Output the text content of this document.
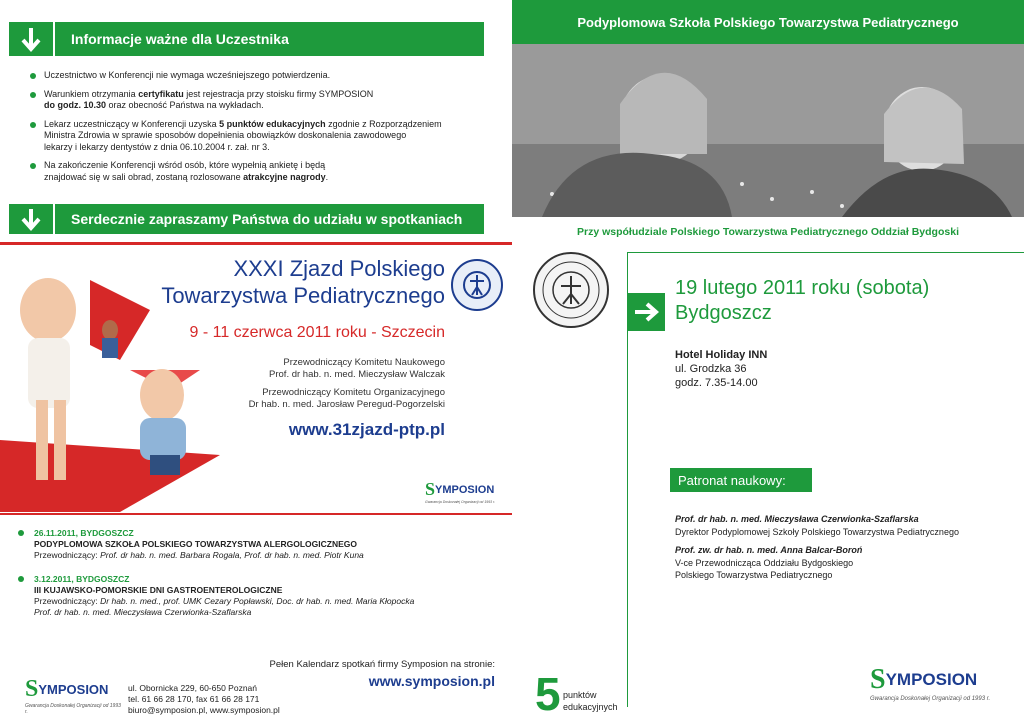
Informacje ważne dla Uczestnika
Uczestnictwo w Konferencji nie wymaga wcześniejszego potwierdzenia.
Warunkiem otrzymania certyfikatu jest rejestracja przy stoisku firmy SYMPOSION
do godz. 10.30 oraz obecność Państwa na wykładach.
Lekarz uczestniczący w Konferencji uzyska 5 punktów edukacyjnych zgodnie z Rozporządzeniem
Ministra Zdrowia w sprawie sposobów dopełnienia obowiązków doskonalenia zawodowego
lekarzy i lekarzy dentystów z dnia 06.10.2004 r. zał. nr 3.
Na zakończenie Konferencji wśród osób, które wypełnią ankietę i będą
znajdować się w sali obrad, zostaną rozlosowane atrakcyjne nagrody.
Serdecznie zapraszamy Państwa do udziału w spotkaniach
XXXI Zjazd Polskiego
Towarzystwa Pediatrycznego
9 - 11 czerwca 2011 roku - Szczecin
Przewodniczący Komitetu Naukowego
Prof. dr hab. n. med. Mieczysław Walczak
Przewodniczący Komitetu Organizacyjnego
Dr hab. n. med. Jarosław Peregud-Pogorzelski
www.31zjazd-ptp.pl
S YMPOSION
Gwarancja Doskonałej Organizacji od 1993 r.
26.11.2011, BYDGOSZCZ
PODYPLOMOWA SZKOŁA POLSKIEGO TOWARZYSTWA ALERGOLOGICZNEGO
Przewodniczący: Prof. dr hab. n. med. Barbara Rogala, Prof. dr hab. n. med. Piotr Kuna
3.12.2011, BYDGOSZCZ
III KUJAWSKO-POMORSKIE DNI GASTROENTEROLOGICZNE
Przewodniczący: Dr hab. n. med., prof. UMK Cezary Popławski, Doc. dr hab. n. med. Maria Kłopocka
Prof. dr hab. n. med. Mieczysława Czerwionka-Szaflarska
Pełen Kalendarz spotkań firmy Symposion na stronie:
www.symposion.pl
S YMPOSION
Gwarancja Doskonałej Organizacji od 1993 r.
ul. Obornicka 229, 60-650 Poznań
tel. 61 66 28 170, fax 61 66 28 171
biuro@symposion.pl, www.symposion.pl	5 punktów
edukacyjnych
Podyplomowa Szkoła Polskiego Towarzystwa Pediatrycznego
Przy współudziale Polskiego Towarzystwa Pediatrycznego Oddział Bydgoski
19 lutego 2011 roku (sobota)
Bydgoszcz
Hotel Holiday INN
ul. Grodzka 36
godz. 7.35-14.00
Patronat naukowy:
Prof. dr hab. n. med. Mieczysława Czerwionka-Szaflarska
Dyrektor Podyplomowej Szkoły Polskiego Towarzystwa Pediatrycznego
Prof. zw. dr hab. n. med. Anna Balcar-Boroń
V-ce Przewodnicząca Oddziału Bydgoskiego
Polskiego Towarzystwa Pediatrycznego
S YMPOSION
Gwarancja Doskonałej Organizacji od 1993 r.
